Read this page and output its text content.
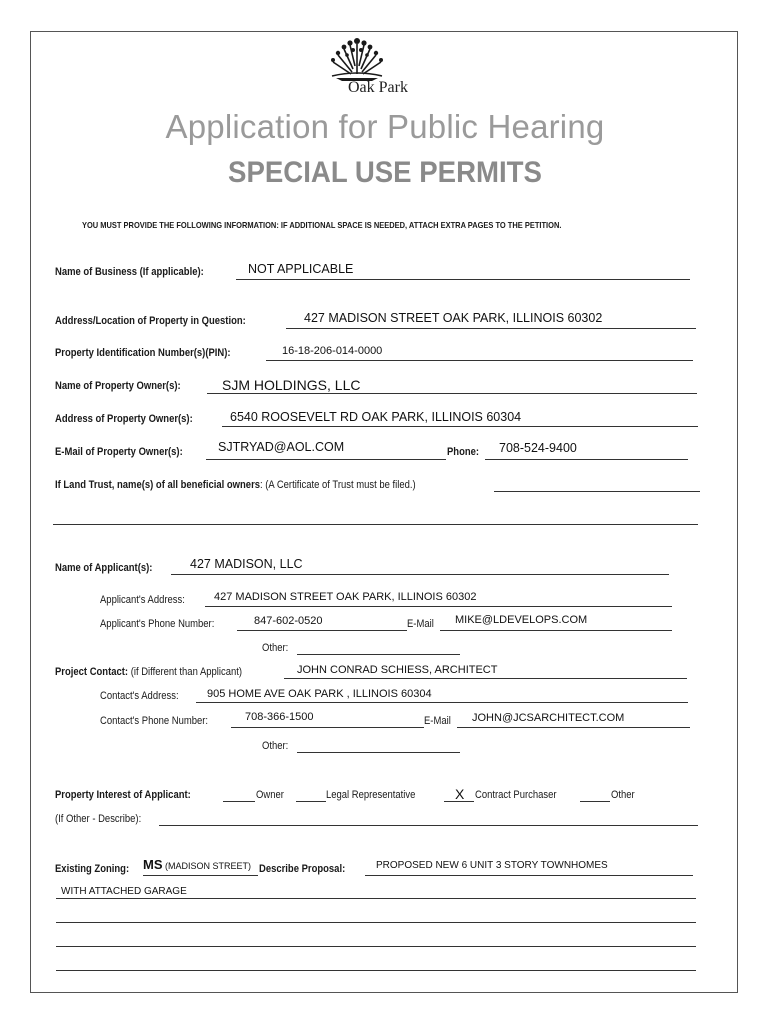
Oak Park
Application for Public Hearing
SPECIAL USE PERMITS
YOU MUST PROVIDE THE FOLLOWING INFORMATION: IF ADDITIONAL SPACE IS NEEDED, ATTACH EXTRA PAGES TO THE PETITION.
Name of Business (If applicable):	NOT APPLICABLE
Address/Location of Property in Question:	427 MADISON STREET OAK PARK, ILLINOIS 60302
Property Identification Number(s)(PIN):	16-18-206-014-0000
Name of Property Owner(s):	SJM HOLDINGS, LLC
Address of Property Owner(s):	6540 ROOSEVELT RD OAK PARK, ILLINOIS 60304
E-Mail of Property Owner(s):	SJTRYAD@AOL.COM	Phone: 708-524-9400
If Land Trust, name(s) of all beneficial owners: (A Certificate of Trust must be filed.)
Name of Applicant(s):	427 MADISON, LLC
Applicant's Address:	427 MADISON STREET OAK PARK, ILLINOIS 60302
Applicant's Phone Number:	847-602-0520	E-Mail MIKE@LDEVELOPS.COM
Other:
Project Contact: (if Different than Applicant)	JOHN CONRAD SCHIESS, ARCHITECT
Contact's Address:	905 HOME AVE OAK PARK , ILLINOIS 60304
Contact's Phone Number:	708-366-1500	E-Mail JOHN@JCSARCHITECT.COM
Other:
Property Interest of Applicant:	Owner	Legal Representative	X Contract Purchaser	Other
(If Other - Describe):
Existing Zoning: MS (MADISON STREET) Describe Proposal:	PROPOSED NEW 6 UNIT 3 STORY TOWNHOMES
WITH ATTACHED GARAGE
